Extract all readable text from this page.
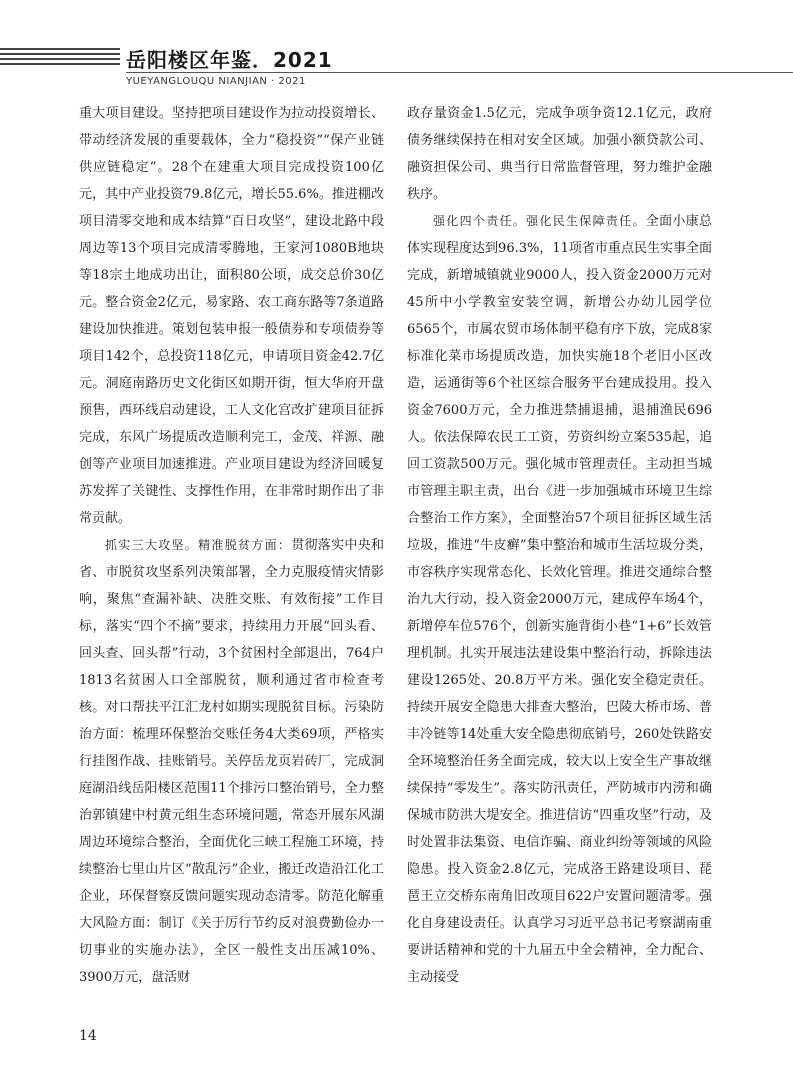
岳阳楼区年鉴．2021
YUEYANGLOUQU NIANJIAN · 2021

重大项目建设。坚持把项目建设作为拉动投资增长、带动经济发展的重要载体，全力“稳投资”“保产业链供应链稳定”。28个在建重大项目完成投资100亿元，其中产业投资79.8亿元，增长55.6%。推进棚改项目清零交地和成本结算“百日攻坚”，建设北路中段周边等13个项目完成清零腾地，王家河1080B地块等18宗土地成功出让，面积80公顷，成交总价30亿元。整合资金2亿元，易家路、农工商东路等7条道路建设加快推进。策划包装申报一般债券和专项债券等项目142个，总投资118亿元，申请项目资金42.7亿元。洞庭南路历史文化街区如期开街，恒大华府开盘预售，西环线启动建设，工人文化宫改扩建项目征拆完成，东风广场提质改造顺利完工，金茂、祥源、融创等产业项目加速推进。产业项目建设为经济回暖复苏发挥了关键性、支撑性作用，在非常时期作出了非常贡献。

抓实三大攻坚。精准脱贫方面：贯彻落实中央和省、市脱贫攻坚系列决策部署，全力克服疫情灾情影响，聚焦“查漏补缺、决胜交账、有效衔接”工作目标，落实“四个不摘”要求，持续用力开展“回头看、回头查、回头帮”行动，3个贫困村全部退出，764户1813名贫困人口全部脱贫，顺利通过省市检查考核。对口帮扶平江汇龙村如期实现脱贫目标。污染防治方面：梳理环保整治交账任务4大类69项，严格实行挂图作战、挂账销号。关停岳龙页岩砖厂，完成洞庭湖沿线岳阳楼区范围11个排污口整治销号，全力整治郭镇建中村黄元组生态环境问题，常态开展东风湖周边环境综合整治，全面优化三峡工程施工环境，持续整治七里山片区“散乱污”企业，搬迁改造沿江化工企业，环保督察反馈问题实现动态清零。防范化解重大风险方面：制订《关于厉行节约反对浪费勤俭办一切事业的实施办法》，全区一般性支出压减10%、3900万元，盘活财

政存量资金1.5亿元，完成争项争资12.1亿元，政府债务继续保持在相对安全区域。加强小额贷款公司、融资担保公司、典当行日常监督管理，努力维护金融秩序。

强化四个责任。强化民生保障责任。全面小康总体实现程度达到96.3%，11项省市重点民生实事全面完成，新增城镇就业9000人，投入资金2000万元对45所中小学教室安装空调，新增公办幼儿园学位6565个，市属农贸市场体制平稳有序下放，完成8家标准化菜市场提质改造，加快实施18个老旧小区改造，运通街等6个社区综合服务平台建成投用。投入资金7600万元，全力推进禁捕退捕，退捕渔民696人。依法保障农民工工资，劳资纠纷立案535起，追回工资款500万元。强化城市管理责任。主动担当城市管理主职主责，出台《进一步加强城市环境卫生综合整治工作方案》，全面整治57个项目征拆区域生活垃圾，推进“牛皮癣”集中整治和城市生活垃圾分类，市容秩序实现常态化、长效化管理。推进交通综合整治九大行动，投入资金2000万元，建成停车场4个，新增停车位576个，创新实施背街小巷“1+6”长效管理机制。扎实开展违法建设集中整治行动，拆除违法建设1265处、20.8万平方米。强化安全稳定责任。持续开展安全隐患大排查大整治，巴陵大桥市场、普丰冷链等14处重大安全隐患彻底销号，260处铁路安全环境整治任务全面完成，较大以上安全生产事故继续保持“零发生”。落实防汛责任，严防城市内涝和确保城市防洪大堤安全。推进信访“四重攻坚”行动，及时处置非法集资、电信诈骗、商业纠纷等领域的风险隐患。投入资金2.8亿元，完成洛王路建设项目、琵琶王立交桥东南角旧改项目622户安置问题清零。强化自身建设责任。认真学习习近平总书记考察湖南重要讲话精神和党的十九届五中全会精神，全力配合、主动接受

14
